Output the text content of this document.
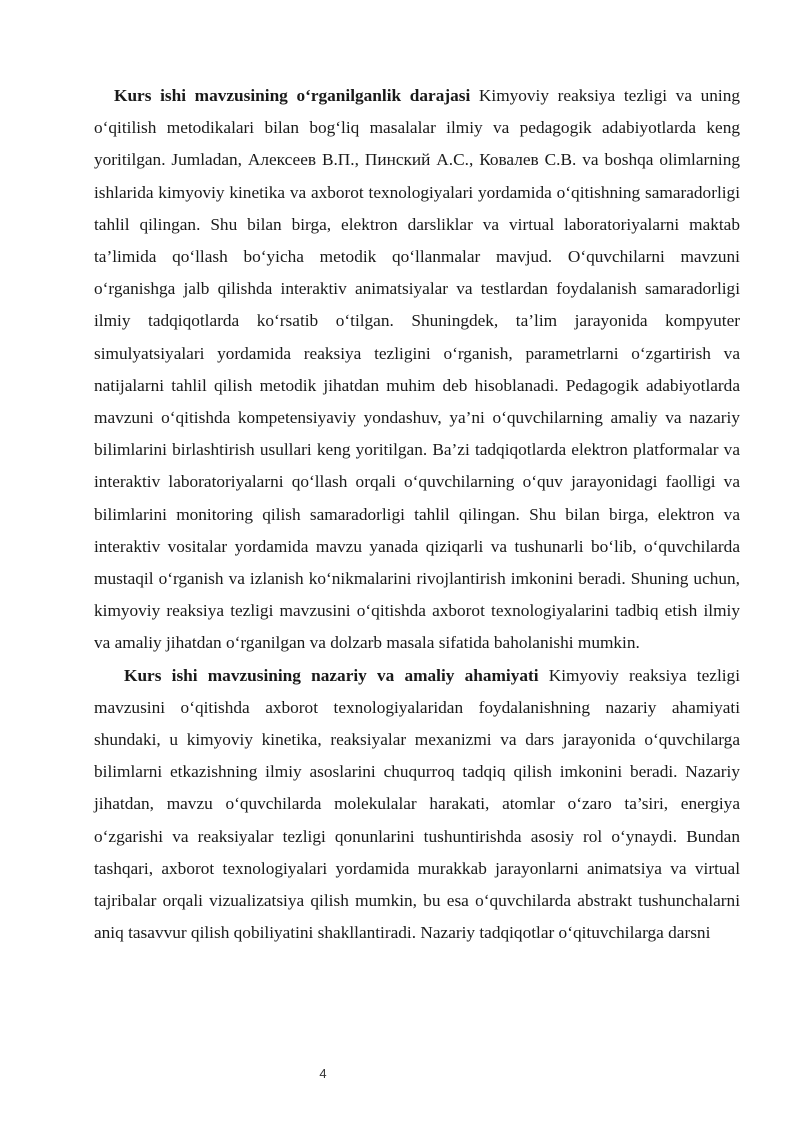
Kurs ishi mavzusining o‘rganilganlik darajasi Kimyoviy reaksiya tezligi va uning o‘qitilish metodikalari bilan bog‘liq masalalar ilmiy va pedagogik adabiyotlarda keng yoritilgan. Jumladan, Алексеев В.П., Пинский А.С., Ковалев С.В. va boshqa olimlarning ishlarida kimyoviy kinetika va axborot texnologiyalari yordamida o‘qitishning samaradorligi tahlil qilingan. Shu bilan birga, elektron darsliklar va virtual laboratoriyalarni maktab ta’limida qo‘llash bo‘yicha metodik qo‘llanmalar mavjud. O‘quvchilarni mavzuni o‘rganishga jalb qilishda interaktiv animatsiyalar va testlardan foydalanish samaradorligi ilmiy tadqiqotlarda ko‘rsatib o‘tilgan. Shuningdek, ta’lim jarayonida kompyuter simulyatsiyalari yordamida reaksiya tezligini o‘rganish, parametrlarni o‘zgartirish va natijalarni tahlil qilish metodik jihatdan muhim deb hisoblanadi. Pedagogik adabiyotlarda mavzuni o‘qitishda kompetensiyaviy yondashuv, ya’ni o‘quvchilarning amaliy va nazariy bilimlarini birlashtirish usullari keng yoritilgan. Ba’zi tadqiqotlarda elektron platformalar va interaktiv laboratoriyalarni qo‘llash orqali o‘quvchilarning o‘quv jarayonidagi faolligi va bilimlarini monitoring qilish samaradorligi tahlil qilingan. Shu bilan birga, elektron va interaktiv vositalar yordamida mavzu yanada qiziqarli va tushunarli bo‘lib, o‘quvchilarda mustaqil o‘rganish va izlanish ko‘nikmalarini rivojlantirish imkonini beradi. Shuning uchun, kimyoviy reaksiya tezligi mavzusini o‘qitishda axborot texnologiyalarini tadbiq etish ilmiy va amaliy jihatdan o‘rganilgan va dolzarb masala sifatida baholanishi mumkin.

Kurs ishi mavzusining nazariy va amaliy ahamiyati Kimyoviy reaksiya tezligi mavzusini o‘qitishda axborot texnologiyalaridan foydalanishning nazariy ahamiyati shundaki, u kimyoviy kinetika, reaksiyalar mexanizmi va dars jarayonida o‘quvchilarga bilimlarni etkazishning ilmiy asoslarini chuqurroq tadqiq qilish imkonini beradi. Nazariy jihatdan, mavzu o‘quvchilarda molekulalar harakati, atomlar o‘zaro ta’siri, energiya o‘zgarishi va reaksiyalar tezligi qonunlarini tushuntirishda asosiy rol o‘ynaydi. Bundan tashqari, axborot texnologiyalari yordamida murakkab jarayonlarni animatsiya va virtual tajribalar orqali vizualizatsiya qilish mumkin, bu esa o‘quvchilarda abstrakt tushunchalarni aniq tasavvur qilish qobiliyatini shakllantiradi. Nazariy tadqiqotlar o‘qituvchilarga darsni

4
